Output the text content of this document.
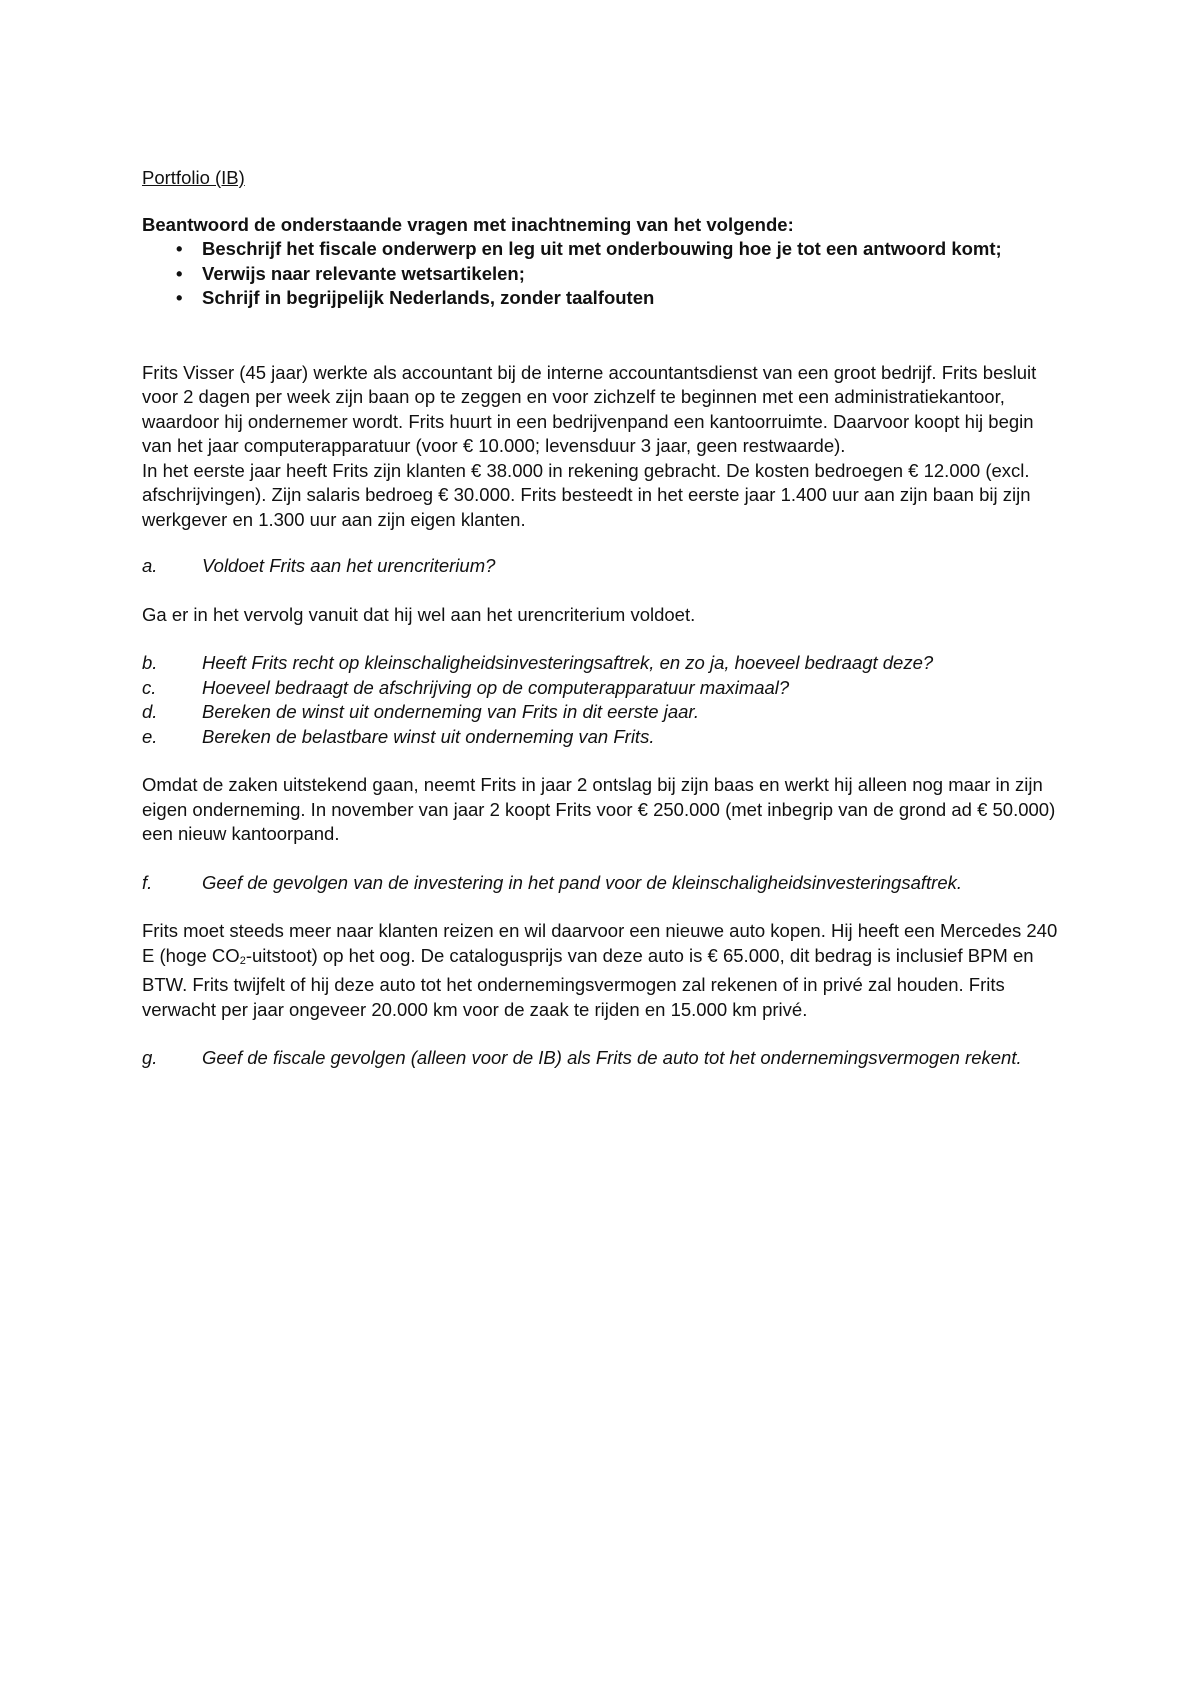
Portfolio (IB)

Beantwoord de onderstaande vragen met inachtneming van het volgende:

• Beschrijf het fiscale onderwerp en leg uit met onderbouwing hoe je tot een antwoord komt;
• Verwijs naar relevante wetsartikelen;
• Schrijf in begrijpelijk Nederlands, zonder taalfouten

Frits Visser (45 jaar) werkte als accountant bij de interne accountantsdienst van een groot bedrijf. Frits besluit voor 2 dagen per week zijn baan op te zeggen en voor zichzelf te beginnen met een administratiekantoor, waardoor hij ondernemer wordt. Frits huurt in een bedrijvenpand een kantoorruimte. Daarvoor koopt hij begin van het jaar computerapparatuur (voor € 10.000; levensduur 3 jaar, geen restwaarde).

In het eerste jaar heeft Frits zijn klanten € 38.000 in rekening gebracht. De kosten bedroegen € 12.000 (excl. afschrijvingen). Zijn salaris bedroeg € 30.000. Frits besteedt in het eerste jaar 1.400 uur aan zijn baan bij zijn werkgever en 1.300 uur aan zijn eigen klanten.

a.	Voldoet Frits aan het urencriterium?

Ga er in het vervolg vanuit dat hij wel aan het urencriterium voldoet.

b.	Heeft Frits recht op kleinschaligheidsinvesteringsaftrek, en zo ja, hoeveel bedraagt deze?
c.	Hoeveel bedraagt de afschrijving op de computerapparatuur maximaal?
d.	Bereken de winst uit onderneming van Frits in dit eerste jaar.
e.	Bereken de belastbare winst uit onderneming van Frits.

Omdat de zaken uitstekend gaan, neemt Frits in jaar 2 ontslag bij zijn baas en werkt hij alleen nog maar in zijn eigen onderneming. In november van jaar 2 koopt Frits voor € 250.000 (met inbegrip van de grond ad € 50.000) een nieuw kantoorpand.

f.	Geef de gevolgen van de investering in het pand voor de kleinschaligheidsinvesteringsaftrek.

Frits moet steeds meer naar klanten reizen en wil daarvoor een nieuwe auto kopen. Hij heeft een Mercedes 240 E (hoge $CO_2-uitstoot$) op het oog. De catalogusprijs van deze auto is € 65.000, dit bedrag is inclusief BPM en BTW. Frits twijfelt of hij deze auto tot het ondernemingsvermogen zal rekenen of in privé zal houden. Frits verwacht per jaar ongeveer 20.000 km voor de zaak te rijden en 15.000 km privé.

g.	Geef de fiscale gevolgen (alleen voor de IB) als Frits de auto tot het ondernemingsvermogen rekent.
